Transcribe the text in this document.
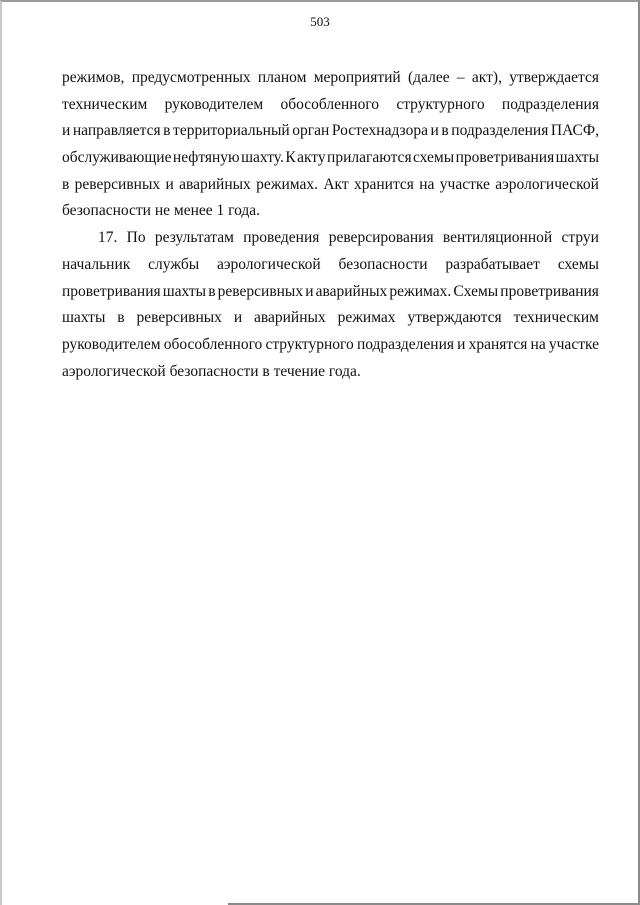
503
режимов, предусмотренных планом мероприятий (далее – акт), утверждается
техническим руководителем обособленного структурного подразделения
и направляется в территориальный орган Ростехнадзора и в подразделения ПАСФ,
обслуживающие нефтяную шахту. К акту прилагаются схемы проветривания шахты
в реверсивных и аварийных режимах. Акт хранится на участке аэрологической
безопасности не менее 1 года.
17. По результатам проведения реверсирования вентиляционной струи
начальник службы аэрологической безопасности разрабатывает схемы
проветривания шахты в реверсивных и аварийных режимах. Схемы проветривания
шахты в реверсивных и аварийных режимах утверждаются техническим
руководителем обособленного структурного подразделения и хранятся на участке
аэрологической безопасности в течение года.
